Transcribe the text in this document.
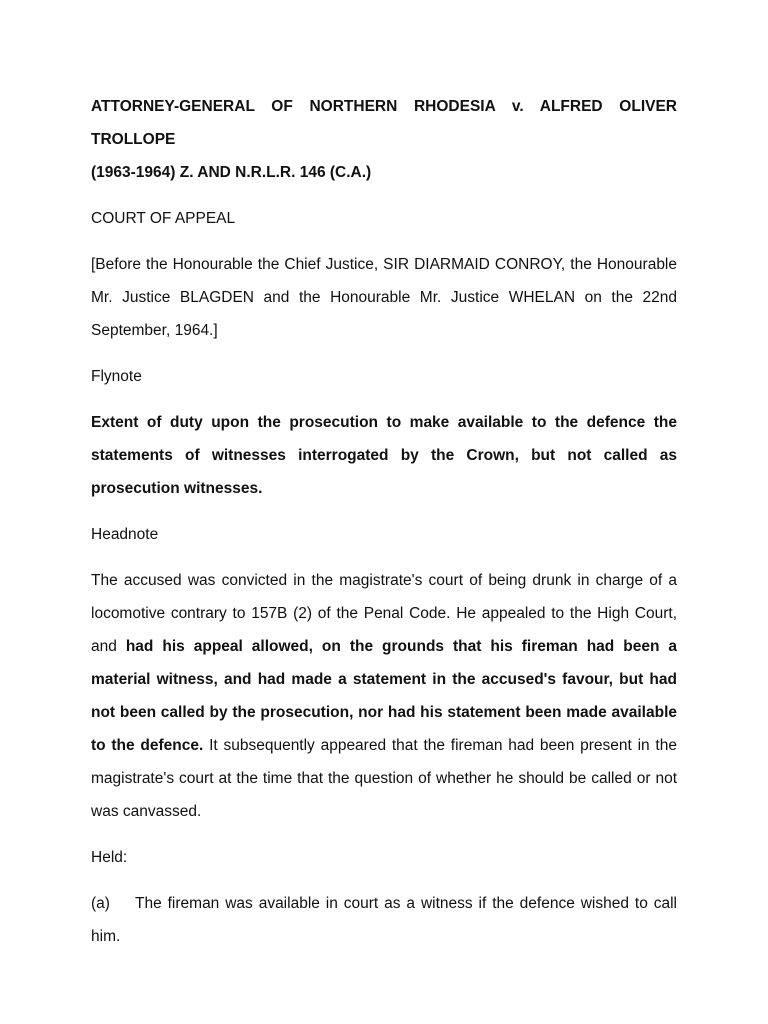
ATTORNEY-GENERAL OF NORTHERN RHODESIA v. ALFRED OLIVER TROLLOPE
(1963-1964) Z. AND N.R.L.R. 146 (C.A.)

COURT OF APPEAL

[Before the Honourable the Chief Justice, SIR DIARMAID CONROY, the Honourable Mr. Justice BLAGDEN and the Honourable Mr. Justice WHELAN on the 22nd September, 1964.]

Flynote

Extent of duty upon the prosecution to make available to the defence the statements of witnesses interrogated by the Crown, but not called as prosecution witnesses.

Headnote

The accused was convicted in the magistrate's court of being drunk in charge of a locomotive contrary to 157B (2) of the Penal Code. He appealed to the High Court, and had his appeal allowed, on the grounds that his fireman had been a material witness, and had made a statement in the accused's favour, but had not been called by the prosecution, nor had his statement been made available to the defence. It subsequently appeared that the fireman had been present in the magistrate's court at the time that the question of whether he should be called or not was canvassed.

Held:

(a) The fireman was available in court as a witness if the defence wished to call him.
